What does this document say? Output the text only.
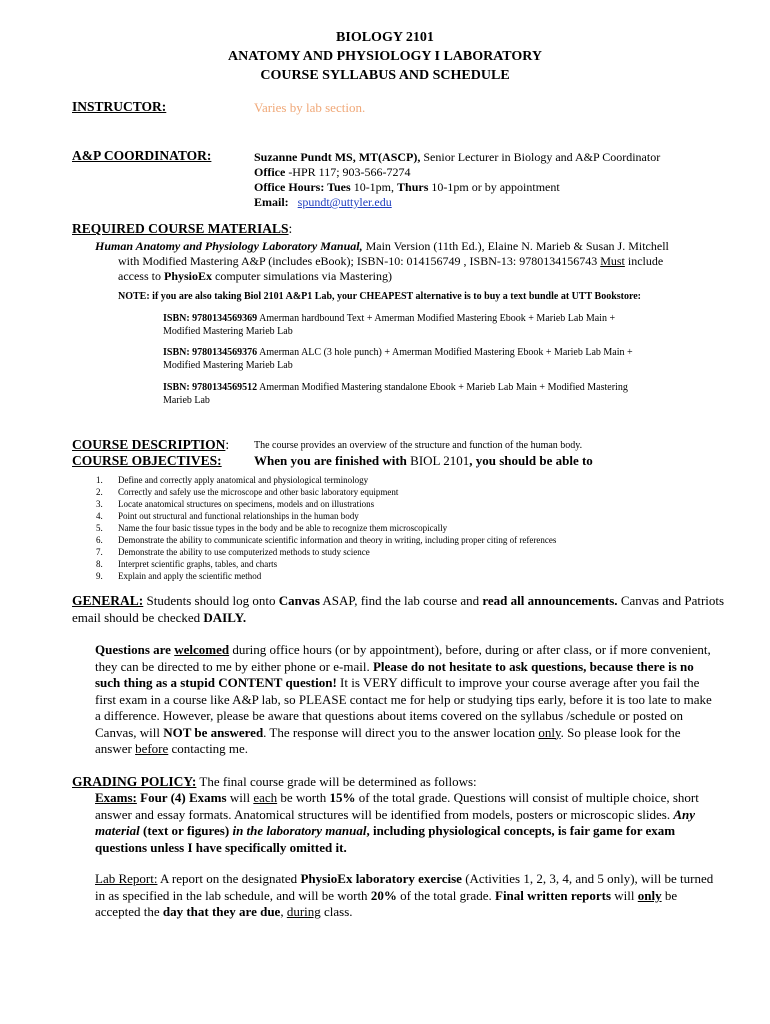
BIOLOGY 2101
ANATOMY AND PHYSIOLOGY I LABORATORY
COURSE SYLLABUS AND SCHEDULE
INSTRUCTOR:	Varies by lab section.
A&P COORDINATOR:	Suzanne Pundt MS, MT(ASCP), Senior Lecturer in Biology and A&P Coordinator
Office -HPR 117; 903-566-7274
Office Hours: Tues 10-1pm, Thurs 10-1pm or by appointment
Email: spundt@uttyler.edu
REQUIRED COURSE MATERIALS:
Human Anatomy and Physiology Laboratory Manual, Main Version (11th Ed.), Elaine N. Marieb & Susan J. Mitchell
with Modified Mastering A&P (includes eBook); ISBN-10: 014156749 , ISBN-13: 9780134156743 Must include
access to PhysioEx computer simulations via Mastering)
NOTE: if you are also taking Biol 2101 A&P1 Lab, your CHEAPEST alternative is to buy a text bundle at UTT Bookstore:
ISBN: 9780134569369 Amerman hardbound Text + Amerman Modified Mastering Ebook + Marieb Lab Main +
Modified Mastering Marieb Lab
ISBN: 9780134569376 Amerman ALC (3 hole punch) + Amerman Modified Mastering Ebook + Marieb Lab Main +
Modified Mastering Marieb Lab
ISBN: 9780134569512 Amerman Modified Mastering standalone Ebook + Marieb Lab Main + Modified Mastering
Marieb Lab
COURSE DESCRIPTION: The course provides an overview of the structure and function of the human body.
COURSE OBJECTIVES: When you are finished with BIOL 2101, you should be able to
1. Define and correctly apply anatomical and physiological terminology
2. Correctly and safely use the microscope and other basic laboratory equipment
3. Locate anatomical structures on specimens, models and on illustrations
4. Point out structural and functional relationships in the human body
5. Name the four basic tissue types in the body and be able to recognize them microscopically
6. Demonstrate the ability to communicate scientific information and theory in writing, including proper citing of references
7. Demonstrate the ability to use computerized methods to study science
8. Interpret scientific graphs, tables, and charts
9. Explain and apply the scientific method
GENERAL: Students should log onto Canvas ASAP, find the lab course and read all announcements. Canvas and Patriots email should be checked DAILY.
Questions are welcomed during office hours (or by appointment), before, during or after class, or if more convenient, they can be directed to me by either phone or e-mail. Please do not hesitate to ask questions, because there is no such thing as a stupid CONTENT question! It is VERY difficult to improve your course average after you fail the first exam in a course like A&P lab, so PLEASE contact me for help or studying tips early, before it is too late to make a difference. However, please be aware that questions about items covered on the syllabus /schedule or posted on Canvas, will NOT be answered. The response will direct you to the answer location only. So please look for the answer before contacting me.
GRADING POLICY: The final course grade will be determined as follows:
Exams: Four (4) Exams will each be worth 15% of the total grade. Questions will consist of multiple choice, short answer and essay formats. Anatomical structures will be identified from models, posters or microscopic slides. Any material (text or figures) in the laboratory manual, including physiological concepts, is fair game for exam questions unless I have specifically omitted it.
Lab Report: A report on the designated PhysioEx laboratory exercise (Activities 1, 2, 3, 4, and 5 only), will be turned in as specified in the lab schedule, and will be worth 20% of the total grade. Final written reports will only be accepted the day that they are due, during class.
